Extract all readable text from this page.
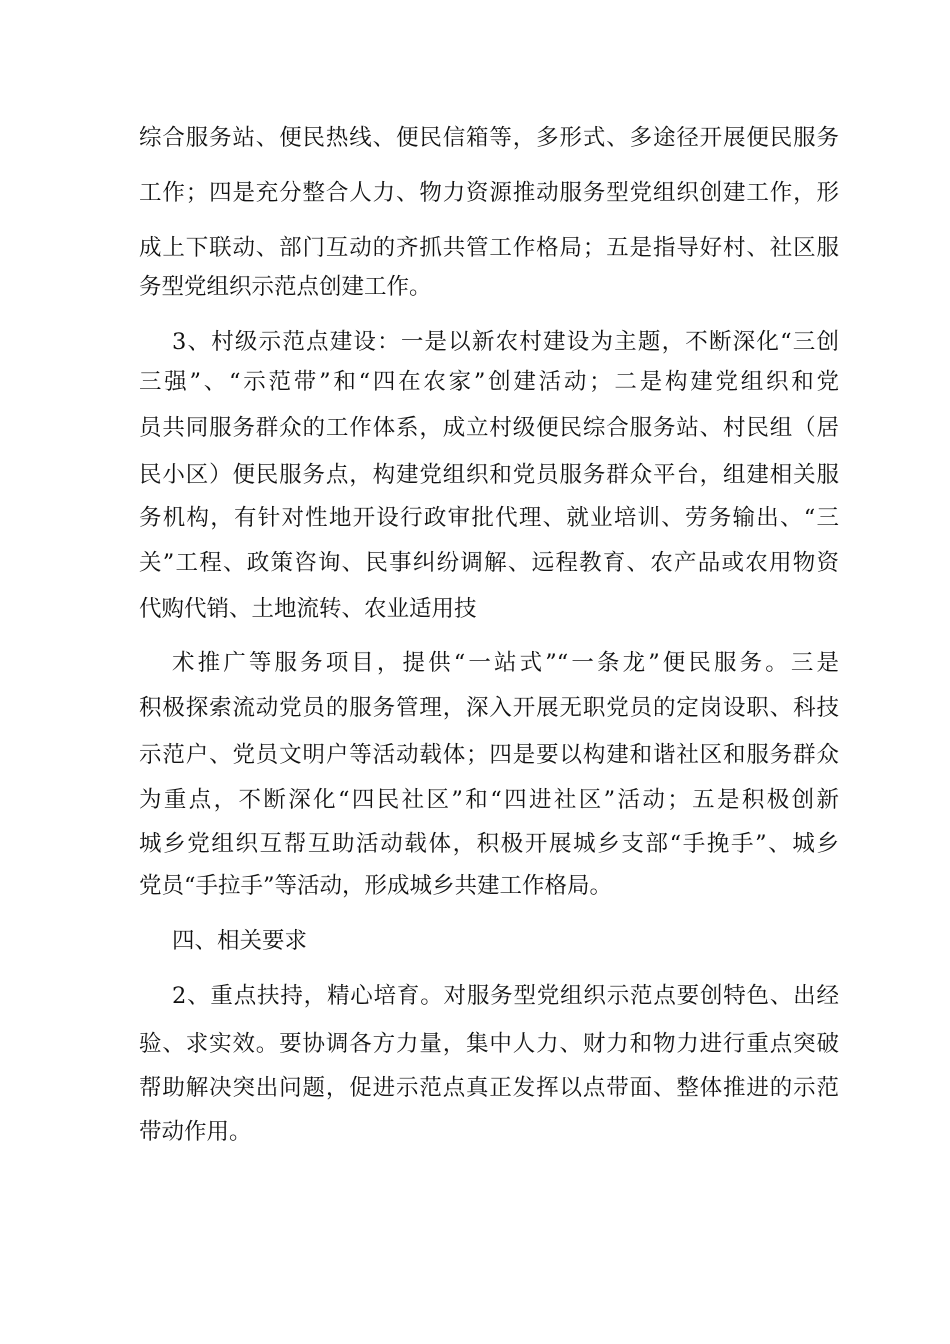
综合服务站、便民热线、便民信箱等，多形式、多途径开展便民服务
工作；四是充分整合人力、物力资源推动服务型党组织创建工作，形
成上下联动、部门互动的齐抓共管工作格局；五是指导好村、社区服
务型党组织示范点创建工作。
3、村级示范点建设：一是以新农村建设为主题，不断深化“三创
三强”、“示范带”和“四在农家”创建活动；二是构建党组织和党
员共同服务群众的工作体系，成立村级便民综合服务站、村民组（居
民小区）便民服务点，构建党组织和党员服务群众平台，组建相关服
务机构，有针对性地开设行政审批代理、就业培训、劳务输出、“三
关”工程、政策咨询、民事纠纷调解、远程教育、农产品或农用物资
代购代销、土地流转、农业适用技
术推广等服务项目，提供“一站式”“一条龙”便民服务。三是
积极探索流动党员的服务管理，深入开展无职党员的定岗设职、科技
示范户、党员文明户等活动载体；四是要以构建和谐社区和服务群众
为重点，不断深化“四民社区”和“四进社区”活动；五是积极创新
城乡党组织互帮互助活动载体，积极开展城乡支部“手挽手”、城乡
党员“手拉手”等活动，形成城乡共建工作格局。
四、相关要求
2、重点扶持，精心培育。对服务型党组织示范点要创特色、出经
验、求实效。要协调各方力量，集中人力、财力和物力进行重点突破
帮助解决突出问题，促进示范点真正发挥以点带面、整体推进的示范
带动作用。
